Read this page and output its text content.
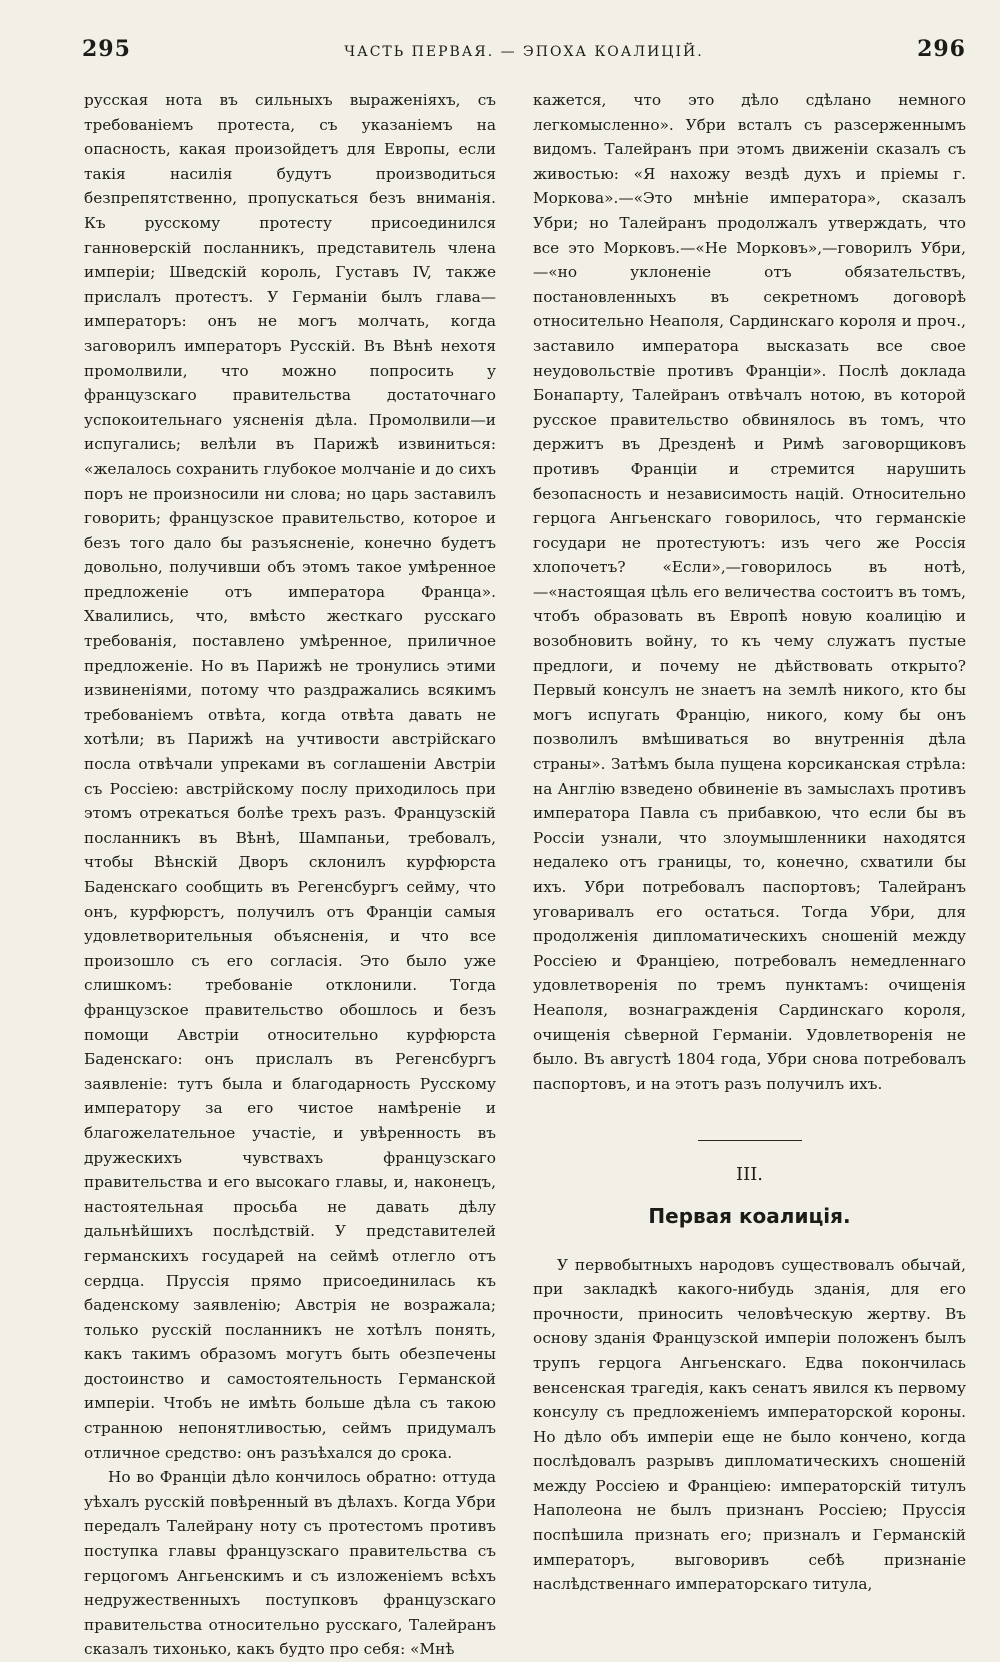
295	ЧАСТЬ ПЕРВАЯ. — ЭПОХА КОАЛИЦІЙ.	296

русская нота въ сильныхъ выраженіяхъ, съ требованіемъ протеста, съ указаніемъ на опасность, какая произойдетъ для Европы, если такія насилія будутъ производиться безпрепятственно, пропускаться безъ вниманія. Къ русскому протесту присоединился ганноверскій посланникъ, представитель члена имперіи; Шведскій король, Густавъ IV, также прислалъ протестъ. У Германіи былъ глава—императоръ: онъ не могъ молчать, когда заговорилъ императоръ Русскій. Въ Вѣнѣ нехотя промолвили, что можно попросить у французскаго правительства достаточнаго успокоительнаго уясненія дѣла. Промолвили—и испугались; велѣли въ Парижѣ извиниться: «желалось сохранить глубокое молчаніе и до сихъ поръ не произносили ни слова; но царь заставилъ говорить; французское правительство, которое и безъ того дало бы разъясненіе, конечно будетъ довольно, получивши объ этомъ такое умѣренное предложеніе отъ императора Франца». Хвалились, что, вмѣсто жесткаго русскаго требованія, поставлено умѣренное, приличное предложеніе. Но въ Парижѣ не тронулись этими извиненіями, потому что раздражались всякимъ требованіемъ отвѣта, когда отвѣта давать не хотѣли; въ Парижѣ на учтивости австрійскаго посла отвѣчали упреками въ соглашеніи Австріи съ Россіею: австрійскому послу приходилось при этомъ отрекаться болѣе трехъ разъ. Французскій посланникъ въ Вѣнѣ, Шампаньи, требовалъ, чтобы Вѣнскій Дворъ склонилъ курфюрста Баденскаго сообщить въ Регенсбургъ сейму, что онъ, курфюрстъ, получилъ отъ Франціи самыя удовлетворительныя объясненія, и что все произошло съ его согласія. Это было уже слишкомъ: требованіе отклонили. Тогда французское правительство обошлось и безъ помощи Австріи относительно курфюрста Баденскаго: онъ прислалъ въ Регенсбургъ заявленіе: тутъ была и благодарность Русскому императору за его чистое намѣреніе и благожелательное участіе, и увѣренность въ дружескихъ чувствахъ французскаго правительства и его высокаго главы, и, наконецъ, настоятельная просьба не давать дѣлу дальнѣйшихъ послѣдствій. У представителей германскихъ государей на сеймѣ отлегло отъ сердца. Пруссія прямо присоединилась къ баденскому заявленію; Австрія не возражала; только русскій посланникъ не хотѣлъ понять, какъ такимъ образомъ могутъ быть обезпечены достоинство и самостоятельность Германской имперіи. Чтобъ не имѣть больше дѣла съ такою странною непонятливостью, сеймъ придумалъ отличное средство: онъ разъѣхался до срока.

Но во Франціи дѣло кончилось обратно: оттуда уѣхалъ русскій повѣренный въ дѣлахъ. Когда Убри передалъ Талейрану ноту съ протестомъ противъ поступка главы французскаго правительства съ герцогомъ Ангьенскимъ и съ изложеніемъ всѣхъ недружественныхъ поступковъ французскаго правительства относительно русскаго, Талейранъ сказалъ тихонько, какъ будто про себя: «Мнѣ

кажется, что это дѣло сдѣлано немного легкомысленно». Убри всталъ съ разсерженнымъ видомъ. Талейранъ при этомъ движеніи сказалъ съ живостью: «Я нахожу вездѣ духъ и пріемы г. Моркова».—«Это мнѣніе императора», сказалъ Убри; но Талейранъ продолжалъ утверждать, что все это Морковъ.—«Не Морковъ»,—говорилъ Убри,—«но уклоненіе отъ обязательствъ, постановленныхъ въ секретномъ договорѣ относительно Неаполя, Сардинскаго короля и проч., заставило императора высказать все свое неудовольствіе противъ Франціи». Послѣ доклада Бонапарту, Талейранъ отвѣчалъ нотою, въ которой русское правительство обвинялось въ томъ, что держитъ въ Дрезденѣ и Римѣ заговорщиковъ противъ Франціи и стремится нарушить безопасность и независимость націй. Относительно герцога Ангьенскаго говорилось, что германскіе государи не протестуютъ: изъ чего же Россія хлопочетъ? «Если»,—говорилось въ нотѣ,—«настоящая цѣль его величества состоитъ въ томъ, чтобъ образовать въ Европѣ новую коалицію и возобновить войну, то къ чему служатъ пустые предлоги, и почему не дѣйствовать открыто? Первый консулъ не знаетъ на землѣ никого, кто бы могъ испугать Францію, никого, кому бы онъ позволилъ вмѣшиваться во внутреннія дѣла страны». Затѣмъ была пущена корсиканская стрѣла: на Англію взведено обвиненіе въ замыслахъ противъ императора Павла съ прибавкою, что если бы въ Россіи узнали, что злоумышленники находятся недалеко отъ границы, то, конечно, схватили бы ихъ. Убри потребовалъ паспортовъ; Талейранъ уговаривалъ его остаться. Тогда Убри, для продолженія дипломатическихъ сношеній между Россіею и Франціею, потребовалъ немедленнаго удовлетворенія по тремъ пунктамъ: очищенія Неаполя, вознагражденія Сардинскаго короля, очищенія сѣверной Германіи. Удовлетворенія не было. Въ августѣ 1804 года, Убри снова потребовалъ паспортовъ, и на этотъ разъ получилъ ихъ.

III.
Первая коалиція.

У первобытныхъ народовъ существовалъ обычай, при закладкѣ какого-нибудь зданія, для его прочности, приносить человѣческую жертву. Въ основу зданія Французской имперіи положенъ былъ трупъ герцога Ангьенскаго. Едва покончилась венсенская трагедія, какъ сенатъ явился къ первому консулу съ предложеніемъ императорской короны. Но дѣло объ имперіи еще не было кончено, когда послѣдовалъ разрывъ дипломатическихъ сношеній между Россіею и Франціею: императорскій титулъ Наполеона не былъ признанъ Россіею; Пруссія поспѣшила признать его; призналъ и Германскій императоръ, выговоривъ себѣ признаніе наслѣдственнаго императорскаго титула,
